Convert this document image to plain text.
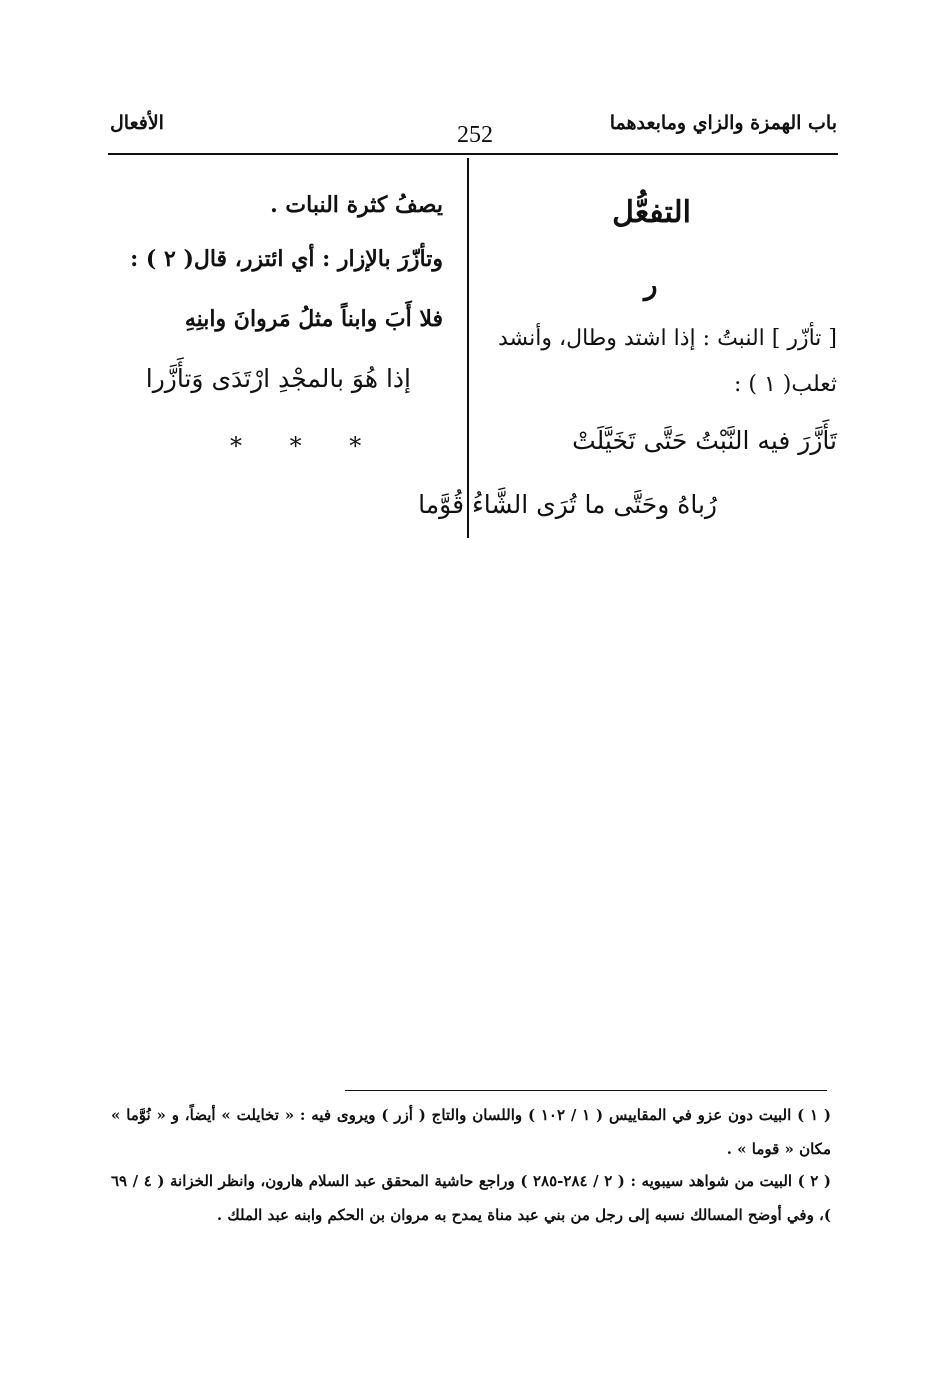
باب الهمزة والزاي ومابعدهما
252
الأفعال
التفعُّل
ر
[ تأزّر ] النبتُ : إذا اشتد وطال، وأنشد
ثعلب( ١ ) :
تَأَزَّرَ فيه النَّبْتُ حَتَّى تَخَيَّلَتْ
رُباهُ وحَتَّى ما تُرَى الشَّاءُ قُوَّما
يصفُ كثرة النبات .
وتأزّرَ بالإزار : أي ائتزر، قال( ٢ ) :
فلا أَبَ وابناً مثلُ مَروانَ وابنِهِ
إذا هُوَ بالمجْدِ ارْتَدَى وَتأَزَّرا
* * *
( ١ ) البيت دون عزو في المقاييس ( ١ / ١٠٢ ) واللسان والتاج ( أزر ) ويروى فيه : « تخايلت » أيضاً، و « نُوَّما » مكان « قوما » .
( ٢ ) البيت من شواهد سيبويه : ( ٢ / ٢٨٤-٢٨٥ ) وراجع حاشية المحقق عبد السلام هارون، وانظر الخزانة ( ٤ / ٦٩ )، وفي أوضح المسالك نسبه إلى رجل من بني عبد مناة يمدح به مروان بن الحكم وابنه عبد الملك .
